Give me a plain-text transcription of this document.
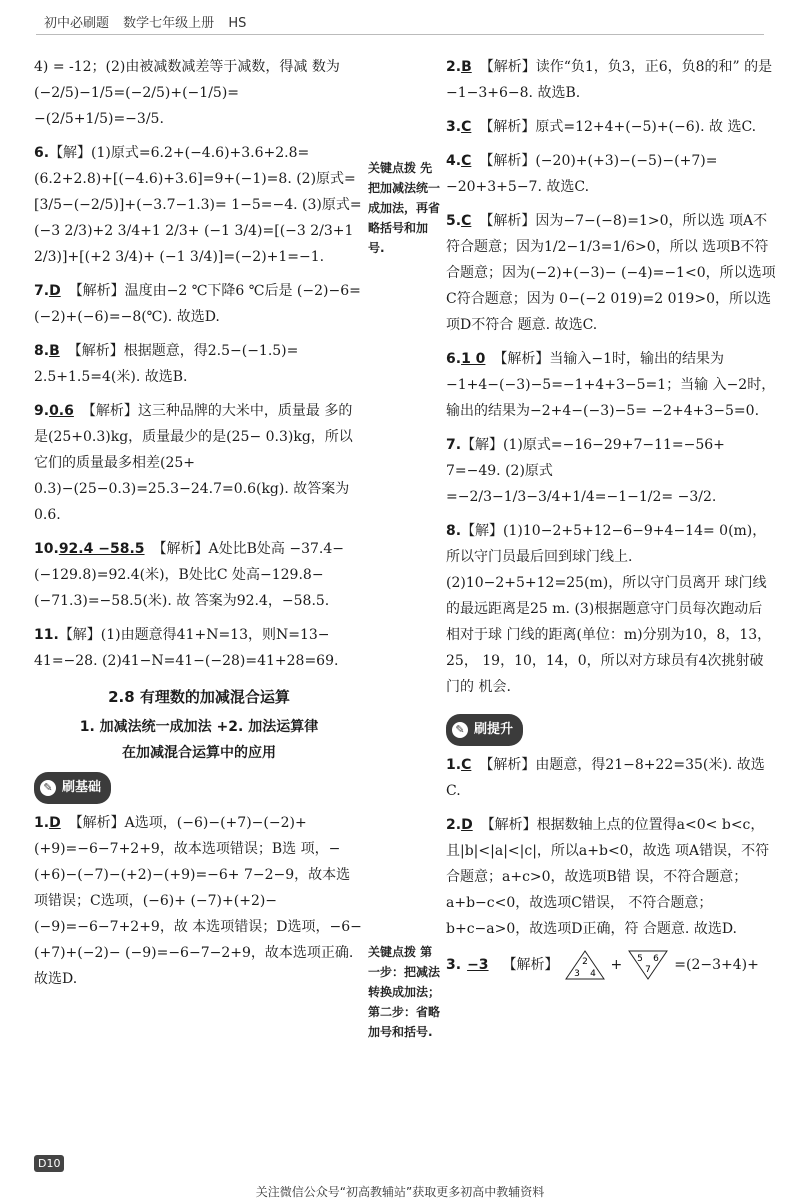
初中必刷题 数学七年级上册 HS
4) = -12；(2)由被减数减差等于减数，得减 数为(−2/5)−1/5=(−2/5)+(−1/5)= −(2/5+1/5)=−3/5.
6.【解】(1)原式=6.2+(−4.6)+3.6+2.8= (6.2+2.8)+[(−4.6)+3.6]=9+(−1)=8. (2)原式=[3/5−(−2/5)]+(−3.7−1.3)= 1−5=−4. (3)原式=(−3 2/3)+2 3/4+1 2/3+ (−1 3/4)=[(−3 2/3+1 2/3)]+[(+2 3/4)+ (−1 3/4)]=(−2)+1=−1.
7.D 【解析】温度由−2 ℃下降6 ℃后是 (−2)−6=(−2)+(−6)=−8(℃). 故选D.
8.B 【解析】根据题意，得2.5−(−1.5)= 2.5+1.5=4(米). 故选B.
9.0.6 【解析】这三种品牌的大米中，质量最 多的是(25+0.3)kg，质量最少的是(25− 0.3)kg，所以它们的质量最多相差(25+ 0.3)−(25−0.3)=25.3−24.7=0.6(kg). 故答案为0.6.
10.92.4 −58.5 【解析】A处比B处高 −37.4−(−129.8)=92.4(米)，B处比C 处高−129.8−(−71.3)=−58.5(米). 故 答案为92.4，−58.5.
11.【解】(1)由题意得41+N=13，则N=13− 41=−28. (2)41−N=41−(−28)=41+28=69.
2.8 有理数的加减混合运算
1. 加减法统一成加法 +2. 加法运算律
在加减混合运算中的应用
✎ 刷基础
1.D 【解析】A选项，(−6)−(+7)−(−2)+ (+9)=−6−7+2+9，故本选项错误；B选 项，−(+6)−(−7)−(+2)−(+9)=−6+ 7−2−9，故本选项错误；C选项，(−6)+ (−7)+(+2)−(−9)=−6−7+2+9，故 本选项错误；D选项，−6−(+7)+(−2)− (−9)=−6−7−2+9，故本选项正确. 故选D.
关键点拨 先把加减法统一成加法，再省略括号和加号.
关键点拨 第一步：把减法转换成加法；第二步：省略加号和括号.
2.B 【解析】读作“负1，负3，正6，负8的和” 的是−1−3+6−8. 故选B.
3.C 【解析】原式=12+4+(−5)+(−6). 故 选C.
4.C 【解析】(−20)+(+3)−(−5)−(+7)= −20+3+5−7. 故选C.
5.C 【解析】因为−7−(−8)=1>0，所以选 项A不符合题意；因为1/2−1/3=1/6>0，所以 选项B不符合题意；因为(−2)+(−3)− (−4)=−1<0，所以选项C符合题意；因为 0−(−2 019)=2 019>0，所以选项D不符合 题意. 故选C.
6.1 0 【解析】当输入−1时，输出的结果为 −1+4−(−3)−5=−1+4+3−5=1；当输 入−2时，输出的结果为−2+4−(−3)−5= −2+4+3−5=0.
7.【解】(1)原式=−16−29+7−11=−56+ 7=−49. (2)原式=−2/3−1/3−3/4+1/4=−1−1/2= −3/2.
8.【解】(1)10−2+5+12−6−9+4−14= 0(m)，所以守门员最后回到球门线上. (2)10−2+5+12=25(m)，所以守门员离开 球门线的最远距离是25 m. (3)根据题意守门员每次跑动后相对于球 门线的距离(单位：m)分别为10，8，13，25， 19，10，14，0，所以对方球员有4次挑射破门的 机会.
✎ 刷提升
1.C 【解析】由题意，得21−8+22=35(米). 故选C.
2.D 【解析】根据数轴上点的位置得a<0< b<c，且|b|<|a|<|c|，所以a+b<0，故选 项A错误，不符合题意；a+c>0，故选项B错 误，不符合题意；a+b−c<0，故选项C错误， 不符合题意；b+c−a>0，故选项D正确，符 合题意. 故选D.
3. −3 【解析】	2
3 4
+ 5 6
7 =(2−3+4)+
D10
关注微信公众号“初高教辅站”获取更多初高中教辅资料
